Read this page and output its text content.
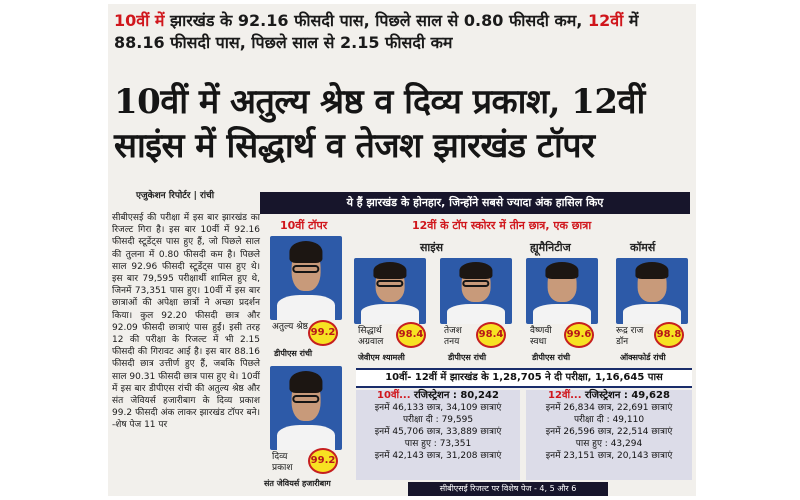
10वीं में झारखंड के 92.16 फीसदी पास, पिछले साल से 0.80 फीसदी कम, 12वीं में 88.16 फीसदी पास, पिछले साल से 2.15 फीसदी कम
10वीं में अतुल्य श्रेष्ठ व दिव्य प्रकाश, 12वीं
साइंस में सिद्धार्थ व तेजश झारखंड टॉपर
एजुकेशन रिपोर्टर | रांची
सीबीएसई की परीक्षा में इस बार झारखंड का रिजल्ट गिरा है। इस बार 10वीं में 92.16 फीसदी स्टूडेंट्स पास हुए हैं, जो पिछले साल की तुलना में 0.80 फीसदी कम है। पिछले साल 92.96 फीसदी स्टूडेंट्स पास हुए थे। इस बार 79,595 परीक्षार्थी शामिल हुए थे, जिनमें 73,351 पास हुए। 10वीं में इस बार छात्राओं की अपेक्षा छात्रों ने अच्छा प्रदर्शन किया। कुल 92.20 फीसदी छात्र और 92.09 फीसदी छात्राएं पास हुईं। इसी तरह 12 की परीक्षा के रिजल्ट में भी 2.15 फीसदी की गिरावट आई है। इस बार 88.16 फीसदी छात्र उत्तीर्ण हुए हैं, जबकि पिछले साल 90.31 फीसदी छात्र पास हुए थे। 10वीं में इस बार डीपीएस रांची की अतुल्य श्रेष्ठ और संत जेवियर्स हजारीबाग के दिव्य प्रकाश 99.2 फीसदी अंक लाकर झारखंड टॉपर बने। -शेष पेज 11 पर
ये हैं झारखंड के होनहार, जिन्होंने सबसे ज्यादा अंक हासिल किए
10वीं टॉपर	12वीं के टॉप स्कोरर में तीन छात्र, एक छात्रा
साइंस	ह्यूमैनिटीज	कॉमर्स
अतुल्य श्रेष्ठ 99.2
डीपीएस रांची
सिद्धार्थ अग्रवाल
98.4
जेवीएम श्यामली
तेजश तनय
98.4
डीपीएस रांची
वैष्णवी स्वधा
99.6
डीपीएस रांची
रूद्र राज डॉन
98.8
ऑक्सफोर्ड रांची
दिव्य प्रकाश
99.2
संत जेवियर्स हजारीबाग
10वीं- 12वीं में झारखंड के 1,28,705 ने दी परीक्षा, 1,16,645 पास
10वीं... रजिस्ट्रेशन : 80,242
इनमें 46,133 छात्र, 34,109 छात्राएं
परीक्षा दी : 79,595
इनमें 45,706 छात्र, 33,889 छात्राएं
पास हुए : 73,351
इनमें 42,143 छात्र, 31,208 छात्राएं
12वीं... रजिस्ट्रेशन : 49,628
इनमें 26,834 छात्र, 22,691 छात्राएं
परीक्षा दी : 49,110
इनमें 26,596 छात्र, 22,514 छात्राएं
पास हुए : 43,294
इनमें 23,151 छात्र, 20,143 छात्राएं
सीबीएसई रिजल्ट पर विशेष पेज - 4, 5 और 6
